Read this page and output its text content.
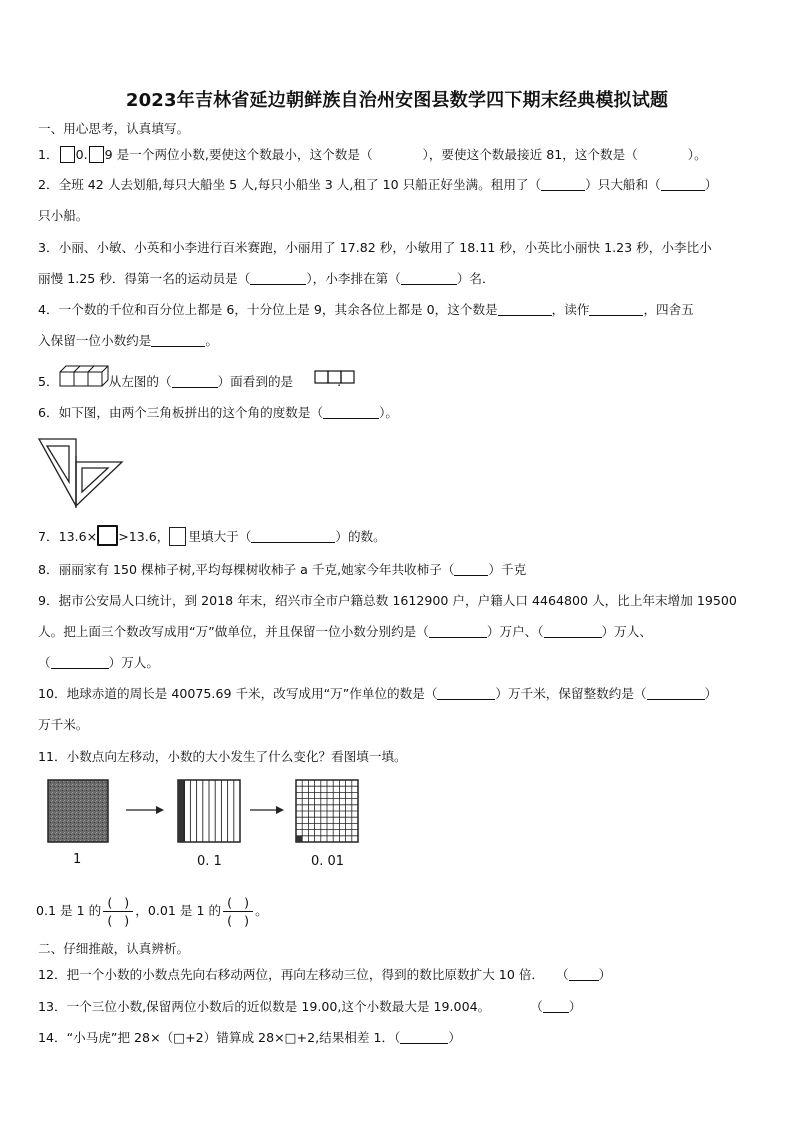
2023年吉林省延边朝鲜族自治州安图县数学四下期末经典模拟试题
一、用心思考，认真填写。
1． 0. 9 是一个两位小数,要使这个数最小，这个数是（	），要使这个数最接近 81，这个数是（	）。
2．全班 42 人去划船,每只大船坐 5 人,每只小船坐 3 人,租了 10 只船正好坐满。租用了（	）只大船和（	）
只小船。
3．小丽、小敏、小英和小李进行百米赛跑，小丽用了 17.82 秒，小敏用了 18.11 秒，小英比小丽快 1.23 秒，小李比小
丽慢 1.25 秒．得第一名的运动员是（	），小李排在第（	）名．
4．一个数的千位和百分位上都是 6，十分位上是 9，其余各位上都是 0，这个数是	，读作	，四舍五
入保留一位小数约是	。
5．	从左图的（	）面看到的是	.
6．如下图，由两个三角板拼出的这个角的度数是（	）。
7．13.6× >13.6， 里填大于（	）的数。
8．丽丽家有 150 棵柿子树,平均每棵树收柿子 a 千克,她家今年共收柿子（	）千克
9．据市公安局人口统计，到 2018 年末，绍兴市全市户籍总数 1612900 户，户籍人口 4464800 人，比上年末增加 19500
人。把上面三个数改写成用“万”做单位，并且保留一位小数分别约是（	）万户、（	）万人、
（	）万人。
10．地球赤道的周长是 40075.69 千米，改写成用“万”作单位的数是（	）万千米，保留整数约是（	）
万千米。
11．小数点向左移动，小数的大小发生了什么变化？看图填一填。
1	0. 1	0. 01
0.1 是 1 的 $\frac{( )}{( )}$ ，0.01 是 1 的 $\frac{( )}{( )}$ 。
二、仔细推敲，认真辨析。
12．把一个小数的小数点先向右移动两位，再向左移动三位，得到的数比原数扩大 10 倍． （ ）
13．一个三位小数,保留两位小数后的近似数是 19.00,这个小数最大是 19.004。	（ ）
14．“小马虎”把 28×（□+2）错算成 28×□+2,结果相差 1．（	）
